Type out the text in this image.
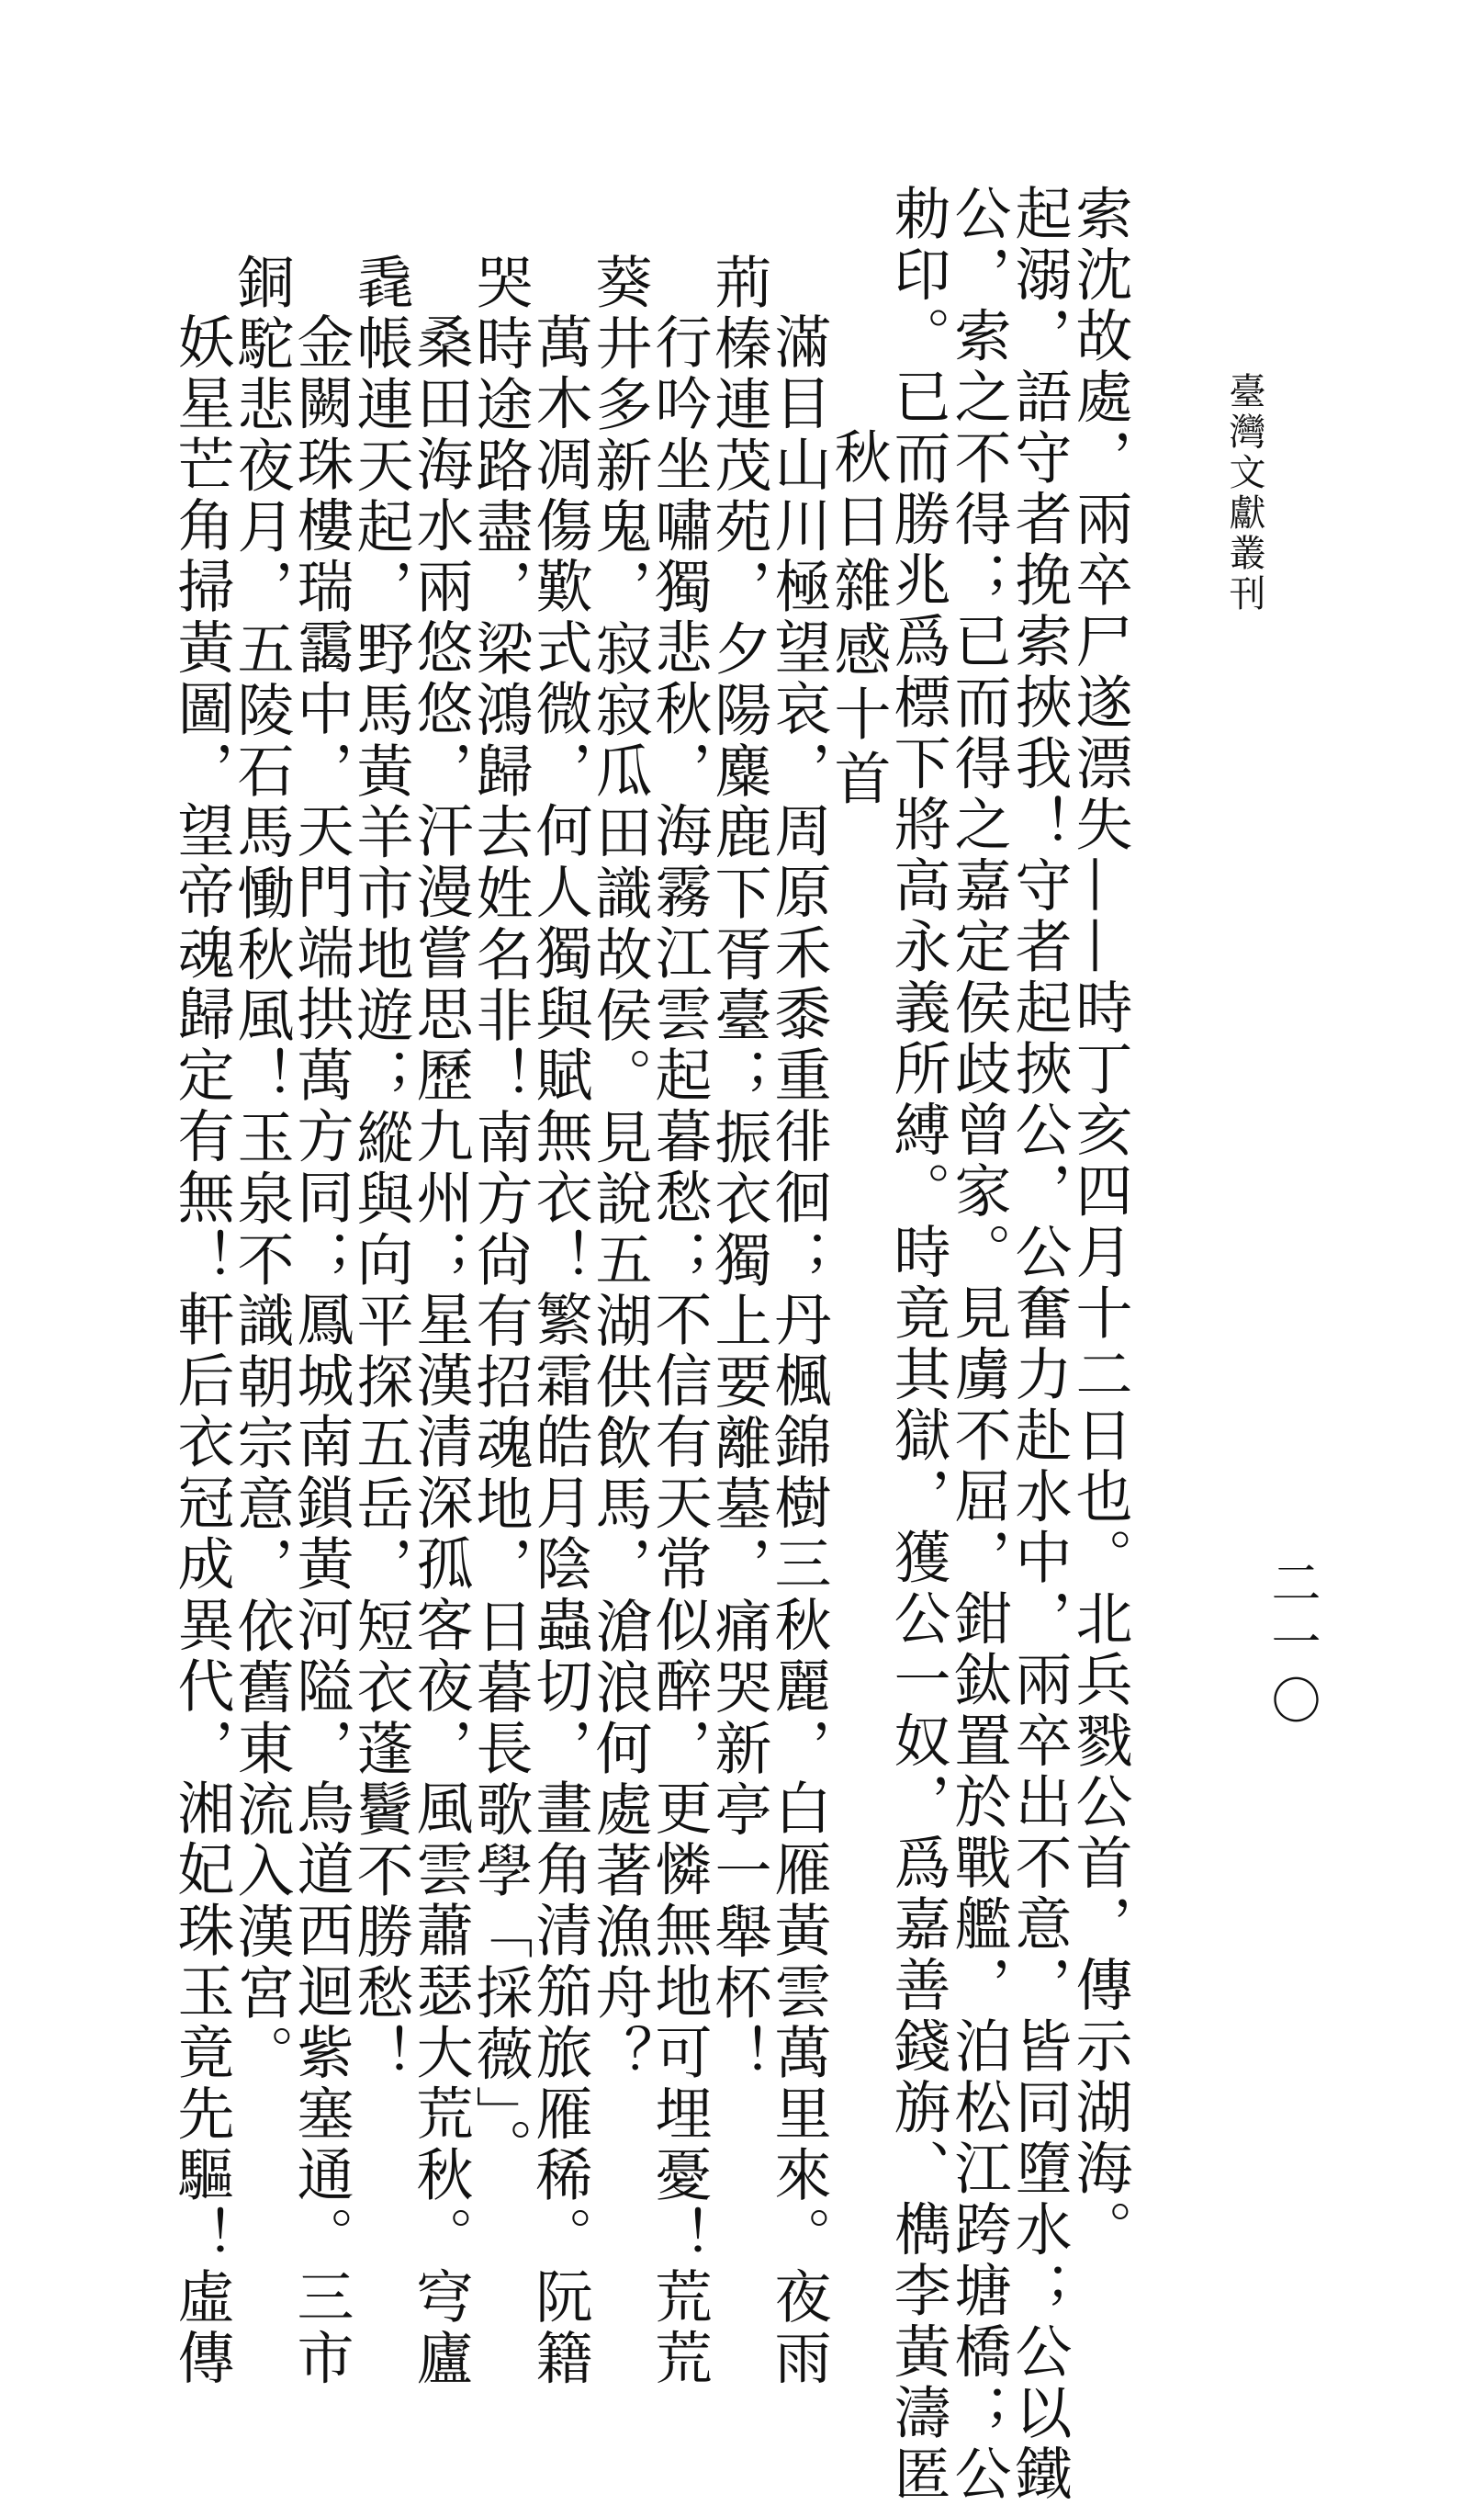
臺灣文獻叢刊
二一〇
索沈故處，兩卒尸遂漂失——時丁亥四月十二日也。北兵戮公首，傳示湖海。
起溺，語守者挽索挾我！守者起挾公，公奮力赴水中，兩卒出不意，皆同墮水；公以鐵
公，索之不得；已而得之嘉定侯歧曾家。見虜不屈，鉗鈦置於戰艦，泊松江跨塘橋；公
勅印。已而勝兆爲標下將高永義所縛。時竟其獄，獲公一奴，爲嘉善錢旃、檇李黃濤匿
秋日雜感十首
滿目山川極望哀，周原禾黍重徘徊；丹楓錦樹三秋麗，白雁黃雲萬里來。夜雨
荊榛連茂苑，夕陽麋鹿下胥臺；振衣獨上要離墓，痛哭新亭一舉杯！
行吟坐嘯獨悲秋，海霧江雲起暮愁；不信有天常似醉，更憐無地可埋憂！荒荒
葵井多新鬼，寂寂瓜田識故侯。見說五湖供飲馬，滄浪何處著漁舟？
萬木凋傷歎式微，何人獨與賦無衣！繁霜皓月陰蟲切，畫角清笳旅雁稀。阮籍
哭時途路盡，梁鴻歸去姓名非！南方尙有招魂地，日暮長歌學「採薇」。
桑田海水兩悠悠，汗漫嘗思歷九州；星漢清深孤客夜，風雲蕭瑟大荒秋。穹廬
毳帳連天起，野馬黃羊市地遊；縱與向平探五岳，短衣蓬鬢不勝愁！
金闕珠樓瑞靄中，天門端拱萬方同；鳳城南鎖黃河隘，鳥道西迴紫塞通。三市
銅駝悲夜月，五陵石馬慟秋風！玉泉不識朝宗意，依舊東流入漢宮。
妖星芒角掃黃圖，望帝魂歸定有無！軒后衣冠成異代，湘妃珠玉竟先驅！虛傳
